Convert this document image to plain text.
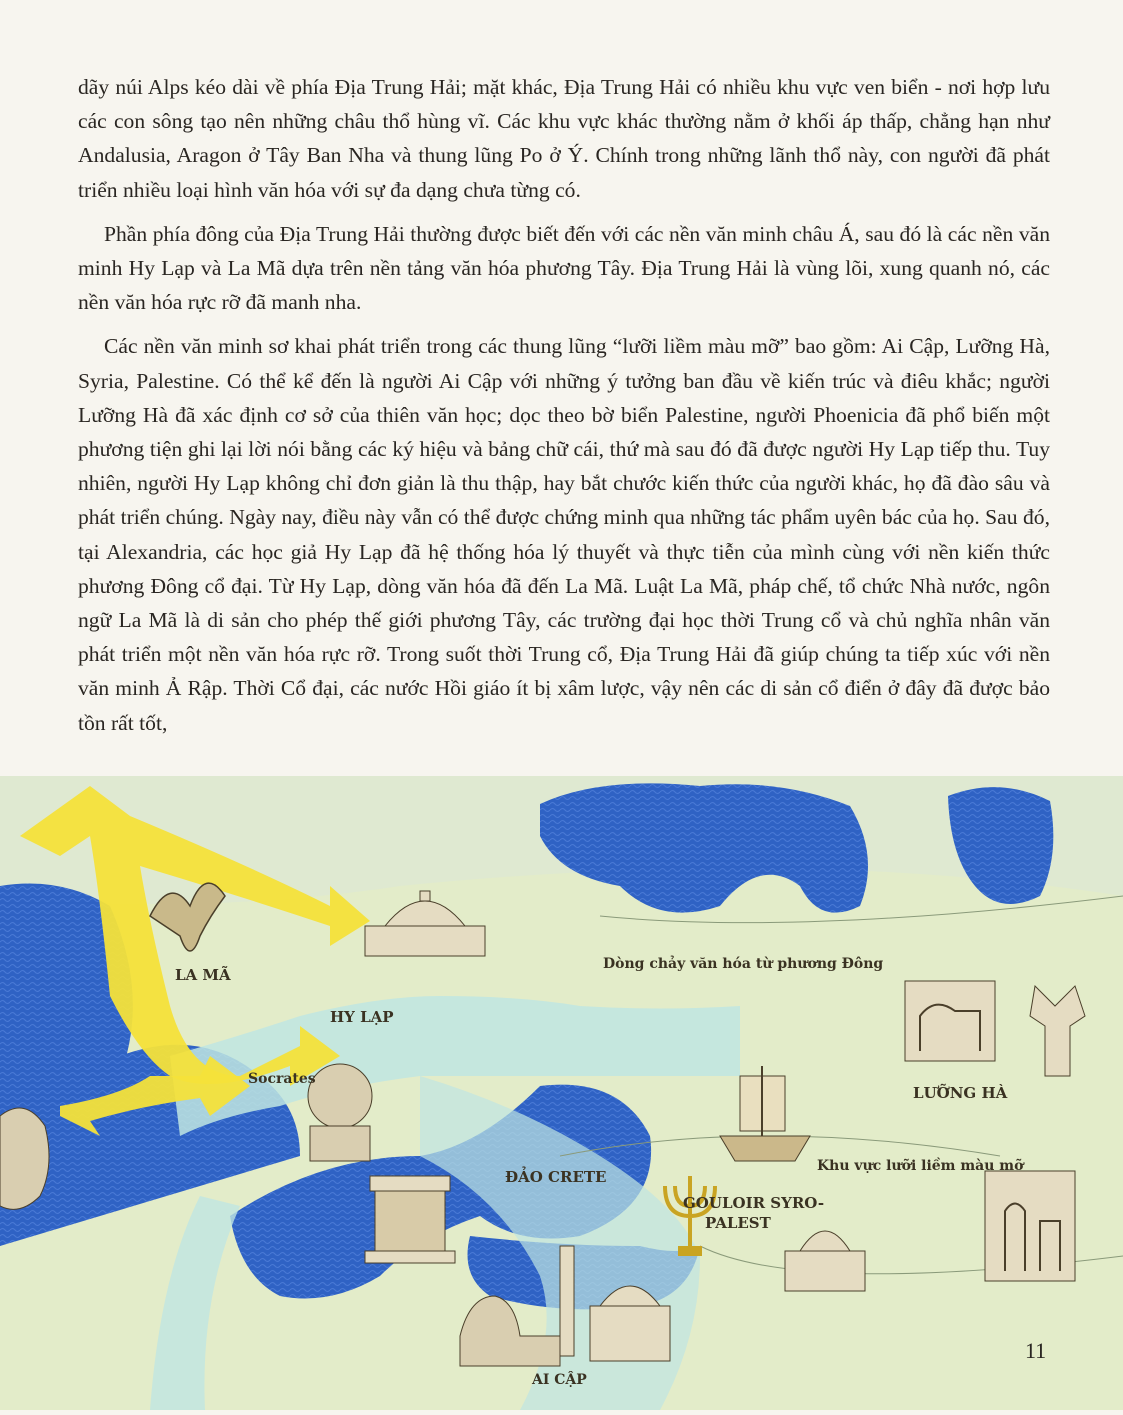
dãy núi Alps kéo dài về phía Địa Trung Hải; mặt khác, Địa Trung Hải có nhiều khu vực ven biển - nơi hợp lưu các con sông tạo nên những châu thổ hùng vĩ. Các khu vực khác thường nằm ở khối áp thấp, chẳng hạn như Andalusia, Aragon ở Tây Ban Nha và thung lũng Po ở Ý. Chính trong những lãnh thổ này, con người đã phát triển nhiều loại hình văn hóa với sự đa dạng chưa từng có.

Phần phía đông của Địa Trung Hải thường được biết đến với các nền văn minh châu Á, sau đó là các nền văn minh Hy Lạp và La Mã dựa trên nền tảng văn hóa phương Tây. Địa Trung Hải là vùng lõi, xung quanh nó, các nền văn hóa rực rỡ đã manh nha.

Các nền văn minh sơ khai phát triển trong các thung lũng “lưỡi liềm màu mỡ” bao gồm: Ai Cập, Lưỡng Hà, Syria, Palestine. Có thể kể đến là người Ai Cập với những ý tưởng ban đầu về kiến trúc và điêu khắc; người Lưỡng Hà đã xác định cơ sở của thiên văn học; dọc theo bờ biển Palestine, người Phoenicia đã phổ biến một phương tiện ghi lại lời nói bằng các ký hiệu và bảng chữ cái, thứ mà sau đó đã được người Hy Lạp tiếp thu. Tuy nhiên, người Hy Lạp không chỉ đơn giản là thu thập, hay bắt chước kiến thức của người khác, họ đã đào sâu và phát triển chúng. Ngày nay, điều này vẫn có thể được chứng minh qua những tác phẩm uyên bác của họ. Sau đó, tại Alexandria, các học giả Hy Lạp đã hệ thống hóa lý thuyết và thực tiễn của mình cùng với nền kiến thức phương Đông cổ đại. Từ Hy Lạp, dòng văn hóa đã đến La Mã. Luật La Mã, pháp chế, tổ chức Nhà nước, ngôn ngữ La Mã là di sản cho phép thế giới phương Tây, các trường đại học thời Trung cổ và chủ nghĩa nhân văn phát triển một nền văn hóa rực rỡ. Trong suốt thời Trung cổ, Địa Trung Hải đã giúp chúng ta tiếp xúc với nền văn minh Ả Rập. Thời Cổ đại, các nước Hồi giáo ít bị xâm lược, vậy nên các di sản cổ điển ở đây đã được bảo tồn rất tốt,

LA MÃ
HY LẠP
Socrates
Dòng chảy văn hóa từ phương Đông
LƯỠNG HÀ
ĐẢO CRETE
Khu vực lưỡi liềm màu mỡ
GOULOIR SYRO-
PALEST
AI CẬP
11
